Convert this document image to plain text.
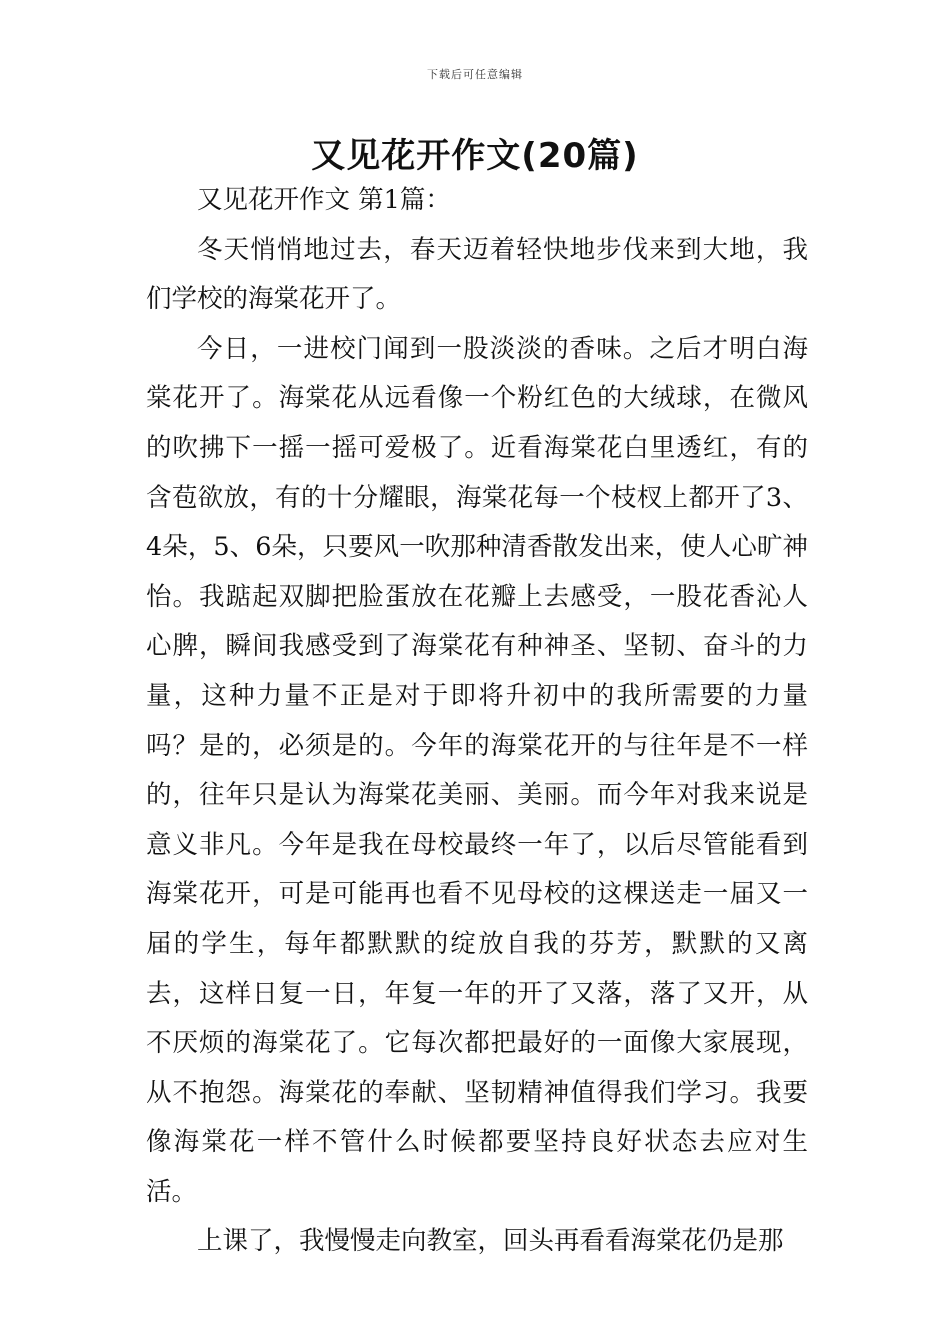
下载后可任意编辑
又见花开作文(20篇)

又见花开作文 第1篇：

冬天悄悄地过去，春天迈着轻快地步伐来到大地，我们学校的海棠花开了。

今日，一进校门闻到一股淡淡的香味。之后才明白海棠花开了。海棠花从远看像一个粉红色的大绒球，在微风的吹拂下一摇一摇可爱极了。近看海棠花白里透红，有的含苞欲放，有的十分耀眼，海棠花每一个枝杈上都开了3、4朵，5、6朵，只要风一吹那种清香散发出来，使人心旷神怡。我踮起双脚把脸蛋放在花瓣上去感受，一股花香沁人心脾，瞬间我感受到了海棠花有种神圣、坚韧、奋斗的力量，这种力量不正是对于即将升初中的我所需要的力量吗？是的，必须是的。今年的海棠花开的与往年是不一样的，往年只是认为海棠花美丽、美丽。而今年对我来说是意义非凡。今年是我在母校最终一年了，以后尽管能看到海棠花开，可是可能再也看不见母校的这棵送走一届又一届的学生，每年都默默的绽放自我的芬芳，默默的又离去，这样日复一日，年复一年的开了又落，落了又开，从不厌烦的海棠花了。它每次都把最好的一面像大家展现，从不抱怨。海棠花的奉献、坚韧精神值得我们学习。我要像海棠花一样不管什么时候都要坚持良好状态去应对生活。

上课了，我慢慢走向教室，回头再看看海棠花仍是那
